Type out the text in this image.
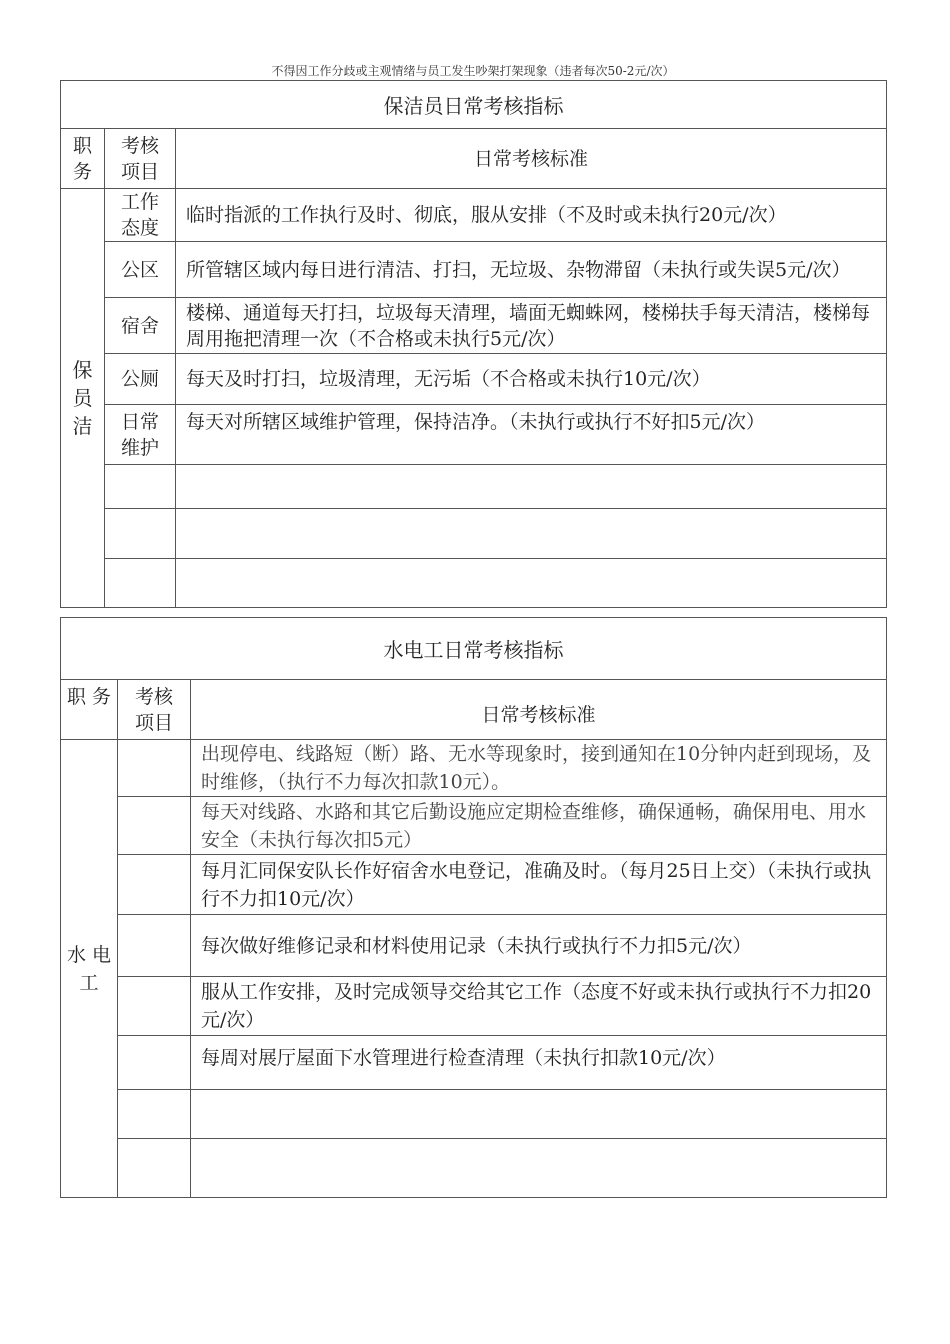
不得因工作分歧或主观情绪与员工发生吵架打架现象（违者每次50-2元/次）
保洁员日常考核指标		

职务	考核项目	日常考核标准

保员洁	工作态度	临时指派的工作执行及时、彻底，服从安排（不及时或未执行20元/次）

	公区	所管辖区域内每日进行清洁、打扫，无垃圾、杂物滞留（未执行或失误5元/次）
	宿舍	楼梯、通道每天打扫，垃圾每天清理，墙面无蜘蛛网，楼梯扶手每天清洁，楼梯每周用拖把清理一次（不合格或未执行5元/次）
	公厕	每天及时打扫，垃圾清理，无污垢（不合格或未执行10元/次）

	日常维护	每天对所辖区域维护管理，保持洁净。（未执行或执行不好扣5元/次）

水电工日常考核指标		
职 务	考核项目	日常考核标准

水 电工		出现停电、线路短（断）路、无水等现象时，接到通知在10分钟内赶到现场，及时维修，（执行不力每次扣款10元）。
		每天对线路、水路和其它后勤设施应定期检查维修，确保通畅，确保用电、用水安全（未执行每次扣5元）
		每月汇同保安队长作好宿舍水电登记，准确及时。（每月25日上交）（未执行或执行不力扣10元/次）
		每次做好维修记录和材料使用记录（未执行或执行不力扣5元/次）
		服从工作安排，及时完成领导交给其它工作（态度不好或未执行或执行不力扣20元/次）
		每周对展厅屋面下水管理进行检查清理（未执行扣款10元/次）
